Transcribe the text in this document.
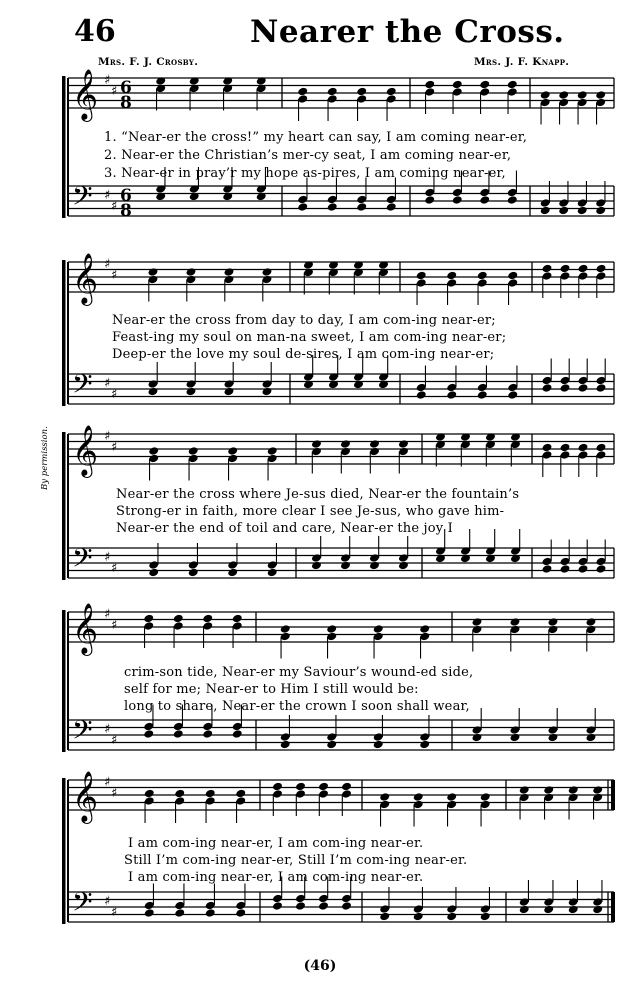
46	Nearer the Cross.
Mrs. F. J. Crosby.	Mrs. J. F. Knapp.
By permission.
𝄞 ♯
♯ 6
8
𝄢 ♯
♯
6
8
𝄞 ♯
♯
𝄢 ♯
♯
𝄞 ♯
♯
𝄢 ♯
♯
𝄞 ♯
♯
𝄢 ♯
♯
𝄞 ♯
♯
𝄢 ♯
♯
1. “Near-er the cross!” my heart can say, I am coming near-er,
2. Near-er the Christian’s mer-cy seat, I am coming near-er,
3. Near-er in pray’r my hope as-pires, I am coming near-er,
Near-er the cross from day to day, I am com-ing near-er;
Feast-ing my soul on man-na sweet, I am com-ing near-er;
Deep-er the love my soul de-sires, I am com-ing near-er;
Near-er the cross where Je-sus died, Near-er the fountain’s
Strong-er in faith, more clear I see Je-sus, who gave him-
Near-er the end of toil and care, Near-er the joy I
crim-son tide, Near-er my Saviour’s wound-ed side,
self for me; Near-er to Him I still would be:
long to share, Near-er the crown I soon shall wear,
I am com-ing near-er, I am com-ing near-er.
Still I’m com-ing near-er, Still I’m com-ing near-er.
I am com-ing near-er, I am com-ing near-er.
(46)
